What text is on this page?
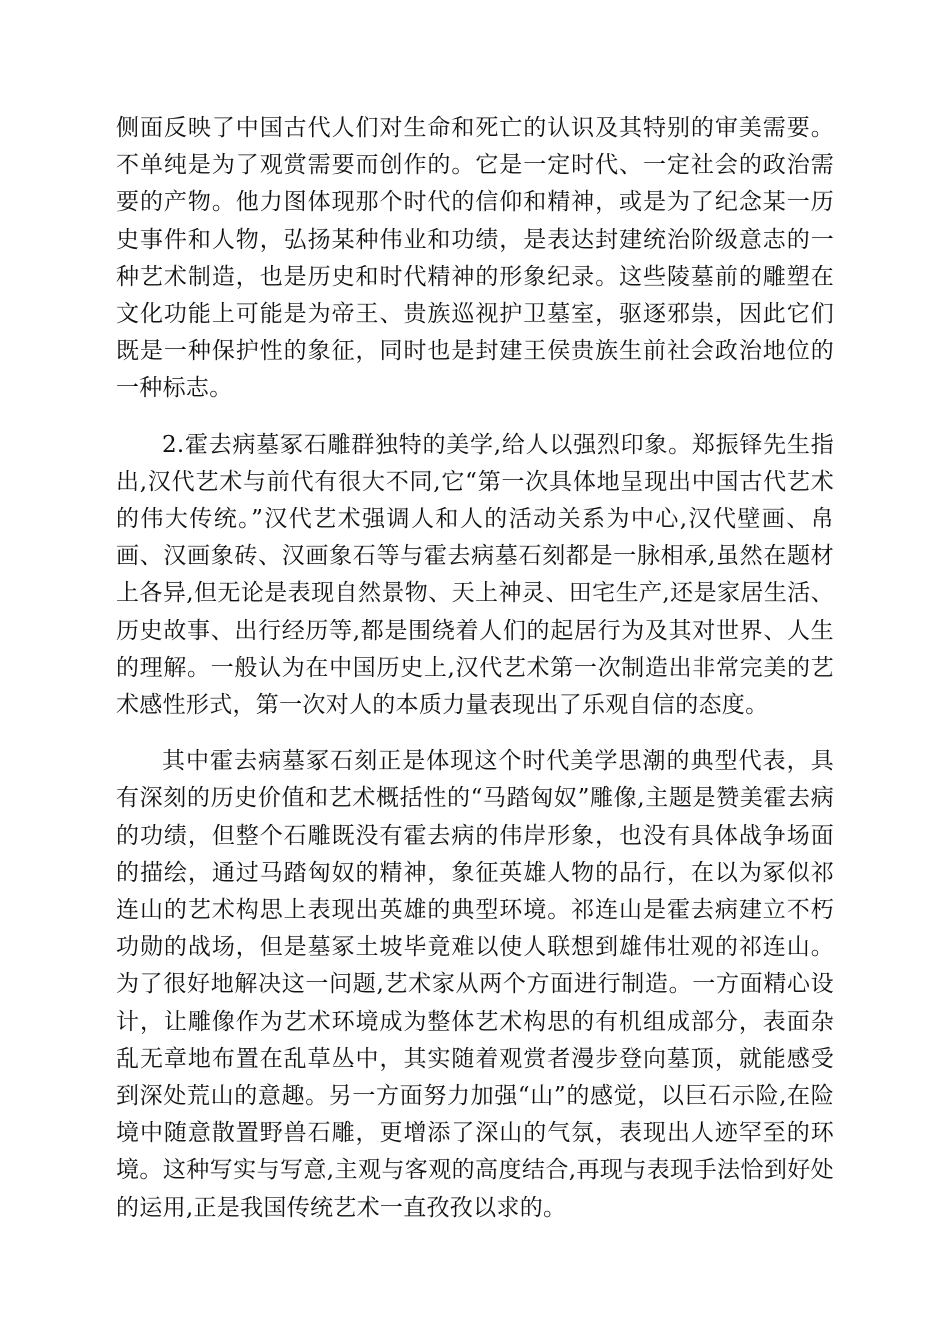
侧面反映了中国古代人们对生命和死亡的认识及其特别的审美需要。不单纯是为了观赏需要而创作的。它是一定时代、一定社会的政治需要的产物。他力图体现那个时代的信仰和精神，或是为了纪念某一历史事件和人物，弘扬某种伟业和功绩，是表达封建统治阶级意志的一种艺术制造，也是历史和时代精神的形象纪录。这些陵墓前的雕塑在文化功能上可能是为帝王、贵族巡视护卫墓室，驱逐邪祟，因此它们既是一种保护性的象征，同时也是封建王侯贵族生前社会政治地位的一种标志。

2.霍去病墓冢石雕群独特的美学,给人以强烈印象。郑振铎先生指出,汉代艺术与前代有很大不同,它“第一次具体地呈现出中国古代艺术的伟大传统。”汉代艺术强调人和人的活动关系为中心,汉代壁画、帛画、汉画象砖、汉画象石等与霍去病墓石刻都是一脉相承,虽然在题材上各异,但无论是表现自然景物、天上神灵、田宅生产,还是家居生活、历史故事、出行经历等,都是围绕着人们的起居行为及其对世界、人生的理解。一般认为在中国历史上,汉代艺术第一次制造出非常完美的艺术感性形式，第一次对人的本质力量表现出了乐观自信的态度。

其中霍去病墓冢石刻正是体现这个时代美学思潮的典型代表，具有深刻的历史价值和艺术概括性的“马踏匈奴”雕像,主题是赞美霍去病的功绩，但整个石雕既没有霍去病的伟岸形象，也没有具体战争场面的描绘，通过马踏匈奴的精神，象征英雄人物的品行，在以为冢似祁连山的艺术构思上表现出英雄的典型环境。祁连山是霍去病建立不朽功勋的战场，但是墓冢土坡毕竟难以使人联想到雄伟壮观的祁连山。为了很好地解决这一问题,艺术家从两个方面进行制造。一方面精心设计，让雕像作为艺术环境成为整体艺术构思的有机组成部分，表面杂乱无章地布置在乱草丛中，其实随着观赏者漫步登向墓顶，就能感受到深处荒山的意趣。另一方面努力加强“山”的感觉，以巨石示险,在险境中随意散置野兽石雕，更增添了深山的气氛，表现出人迹罕至的环境。这种写实与写意,主观与客观的高度结合,再现与表现手法恰到好处的运用,正是我国传统艺术一直孜孜以求的。
